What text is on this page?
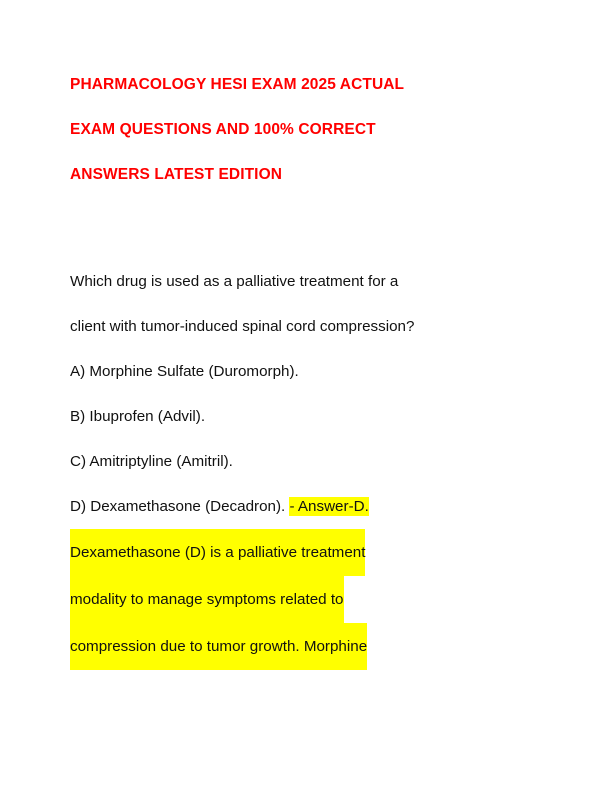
PHARMACOLOGY HESI EXAM 2025 ACTUAL
EXAM QUESTIONS AND 100% CORRECT
ANSWERS LATEST EDITION
Which drug is used as a palliative treatment for a
client with tumor-induced spinal cord compression?
A) Morphine Sulfate (Duromorph).
B) Ibuprofen (Advil).
C) Amitriptyline (Amitril).
D) Dexamethasone (Decadron). - Answer-D.
Dexamethasone (D) is a palliative treatment
modality to manage symptoms related to
compression due to tumor growth. Morphine
